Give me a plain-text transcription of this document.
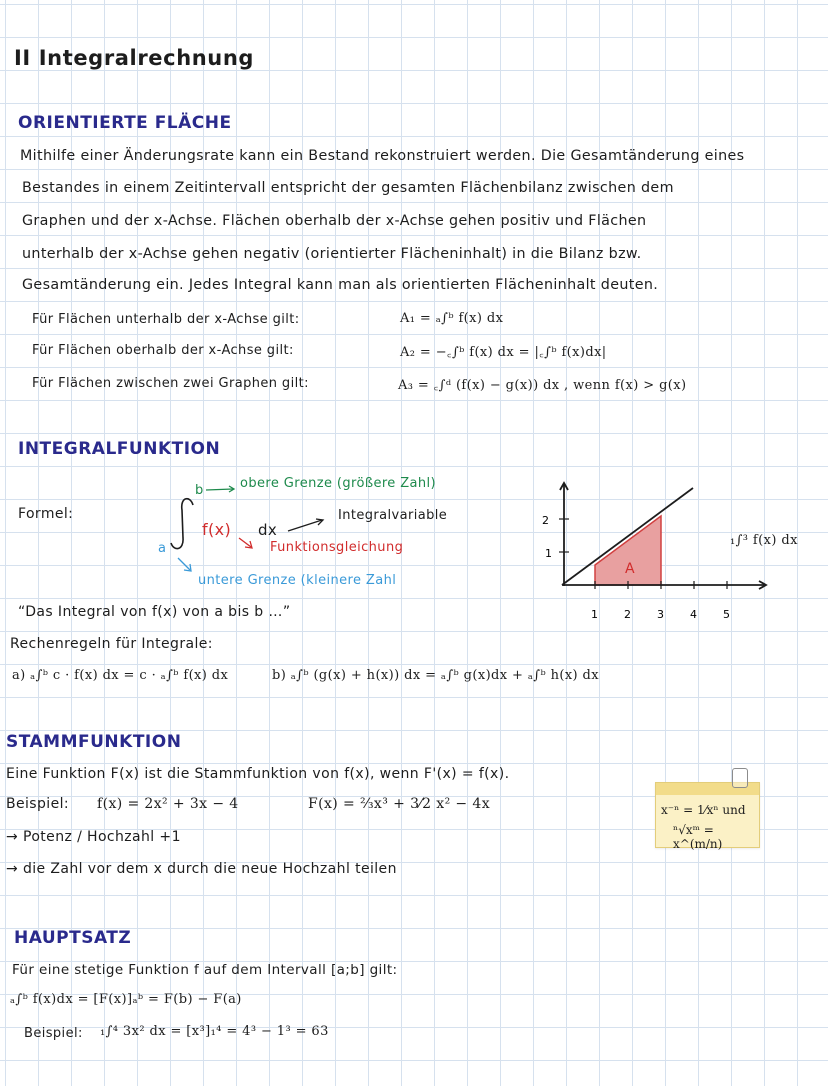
II Integralrechnung
ORIENTIERTE FLÄCHE
Mithilfe einer Änderungsrate kann ein Bestand rekonstruiert werden. Die Gesamtänderung eines
Bestandes in einem Zeitintervall entspricht der gesamten Flächenbilanz zwischen dem
Graphen und der x-Achse. Flächen oberhalb der x-Achse gehen positiv und Flächen
unterhalb der x-Achse gehen negativ (orientierter Flächeninhalt) in die Bilanz bzw.
Gesamtänderung ein. Jedes Integral kann man als orientierten Flächeninhalt deuten.
Für Flächen unterhalb der x-Achse gilt:	A₁ = ₐ∫ᵇ f(x) dx
Für Flächen oberhalb der x-Achse gilt:	A₂ = −꜀∫ᵇ f(x) dx = |꜀∫ᵇ f(x)dx|
Für Flächen zwischen zwei Graphen gilt:	A₃ = ꜀∫ᵈ (f(x) − g(x)) dx , wenn f(x) > g(x)
INTEGRALFUNKTION
Formel:
b	obere Grenze (größere Zahl)
f(x) dx
Integralvariable
Funktionsgleichung
a
untere Grenze (kleinere Zahl
“Das Integral von f(x) von a bis b …”
Rechenregeln für Integrale:
a) ₐ∫ᵇ c · f(x) dx = c · ₐ∫ᵇ f(x) dx	b) ₐ∫ᵇ (g(x) + h(x)) dx = ₐ∫ᵇ g(x)dx + ₐ∫ᵇ h(x) dx
A
2
1
1 2 3 4 5
₁∫³ f(x) dx
STAMMFUNKTION
Eine Funktion F(x) ist die Stammfunktion von f(x), wenn F'(x) = f(x).
Beispiel: f(x) = 2x² + 3x − 4	F(x) = ⅔x³ + 3⁄2 x² − 4x
→ Potenz / Hochzahl +1
→ die Zahl vor dem x durch die neue Hochzahl teilen
x⁻ⁿ = 1⁄xⁿ und
ⁿ√xᵐ = x^(m/n)
HAUPTSATZ
Für eine stetige Funktion f auf dem Intervall [a;b] gilt:
ₐ∫ᵇ f(x)dx = [F(x)]ₐᵇ = F(b) − F(a)
Beispiel: ₁∫⁴ 3x² dx = [x³]₁⁴ = 4³ − 1³ = 63
